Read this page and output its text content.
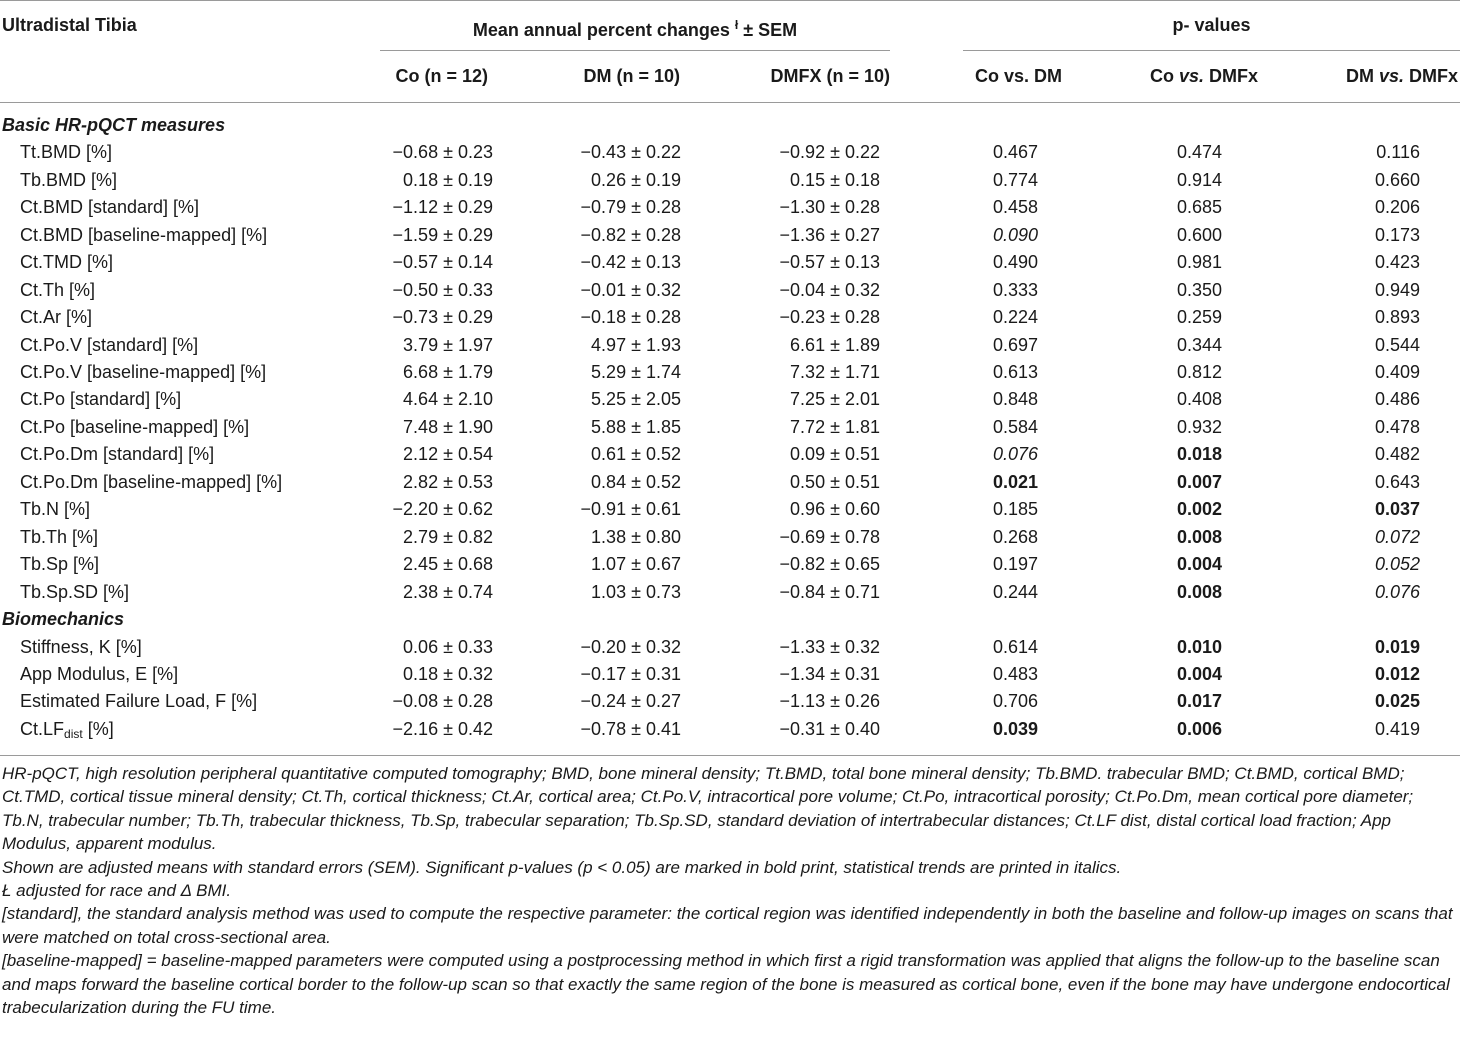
Ultradistal Tibia	Mean annual percent changes $^ł$ ± SEM	p- values
Co (n = 12)	DM (n = 10)	DMFX (n = 10)	Co vs. DM	Co vs. DMFx	DM vs. DMFx
Basic HR-pQCT measures
Tt.BMD [%]	−0.68 ± 0.23	−0.43 ± 0.22	−0.92 ± 0.22	0.467	0.474	0.116
Tb.BMD [%]	0.18 ± 0.19	0.26 ± 0.19	0.15 ± 0.18	0.774	0.914	0.660
Ct.BMD [standard] [%]	−1.12 ± 0.29	−0.79 ± 0.28	−1.30 ± 0.28	0.458	0.685	0.206
Ct.BMD [baseline-mapped] [%]	−1.59 ± 0.29	−0.82 ± 0.28	−1.36 ± 0.27	0.090	0.600	0.173
Ct.TMD [%]	−0.57 ± 0.14	−0.42 ± 0.13	−0.57 ± 0.13	0.490	0.981	0.423
Ct.Th [%]	−0.50 ± 0.33	−0.01 ± 0.32	−0.04 ± 0.32	0.333	0.350	0.949
Ct.Ar [%]	−0.73 ± 0.29	−0.18 ± 0.28	−0.23 ± 0.28	0.224	0.259	0.893
Ct.Po.V [standard] [%]	3.79 ± 1.97	4.97 ± 1.93	6.61 ± 1.89	0.697	0.344	0.544
Ct.Po.V [baseline-mapped] [%]	6.68 ± 1.79	5.29 ± 1.74	7.32 ± 1.71	0.613	0.812	0.409
Ct.Po [standard] [%]	4.64 ± 2.10	5.25 ± 2.05	7.25 ± 2.01	0.848	0.408	0.486
Ct.Po [baseline-mapped] [%]	7.48 ± 1.90	5.88 ± 1.85	7.72 ± 1.81	0.584	0.932	0.478
Ct.Po.Dm [standard] [%]	2.12 ± 0.54	0.61 ± 0.52	0.09 ± 0.51	0.076	0.018	0.482
Ct.Po.Dm [baseline-mapped] [%]	2.82 ± 0.53	0.84 ± 0.52	0.50 ± 0.51	0.021	0.007	0.643
Tb.N [%]	−2.20 ± 0.62	−0.91 ± 0.61	0.96 ± 0.60	0.185	0.002	0.037
Tb.Th [%]	2.79 ± 0.82	1.38 ± 0.80	−0.69 ± 0.78	0.268	0.008	0.072
Tb.Sp [%]	2.45 ± 0.68	1.07 ± 0.67	−0.82 ± 0.65	0.197	0.004	0.052
Tb.Sp.SD [%]	2.38 ± 0.74	1.03 ± 0.73	−0.84 ± 0.71	0.244	0.008	0.076
Biomechanics
Stiffness, K [%]	0.06 ± 0.33	−0.20 ± 0.32	−1.33 ± 0.32	0.614	0.010	0.019
App Modulus, E [%]	0.18 ± 0.32	−0.17 ± 0.31	−1.34 ± 0.31	0.483	0.004	0.012
Estimated Failure Load, F [%]	−0.08 ± 0.28	−0.24 ± 0.27	−1.13 ± 0.26	0.706	0.017	0.025
$Ct.LF_{dist}$ [%]	−2.16 ± 0.42	−0.78 ± 0.41	−0.31 ± 0.40	0.039	0.006	0.419

HR-pQCT, high resolution peripheral quantitative computed tomography; BMD, bone mineral density; Tt.BMD, total bone mineral density; Tb.BMD. trabecular BMD; Ct.BMD, cortical BMD; Ct.TMD, cortical tissue mineral density; Ct.Th, cortical thickness; Ct.Ar, cortical area; Ct.Po.V, intracortical pore volume; Ct.Po, intracortical porosity; Ct.Po.Dm, mean cortical pore diameter; Tb.N, trabecular number; Tb.Th, trabecular thickness, Tb.Sp, trabecular separation; Tb.Sp.SD, standard deviation of intertrabecular distances; Ct.LF dist, distal cortical load fraction; App Modulus, apparent modulus.

Shown are adjusted means with standard errors (SEM). Significant p-values (p < 0.05) are marked in bold print, statistical trends are printed in italics.

Ł adjusted for race and Δ BMI.

[standard], the standard analysis method was used to compute the respective parameter: the cortical region was identified independently in both the baseline and follow-up images on scans that were matched on total cross-sectional area.

[baseline-mapped] = baseline-mapped parameters were computed using a postprocessing method in which first a rigid transformation was applied that aligns the follow-up to the baseline scan and maps forward the baseline cortical border to the follow-up scan so that exactly the same region of the bone is measured as cortical bone, even if the bone may have undergone endocortical trabecularization during the FU time.
